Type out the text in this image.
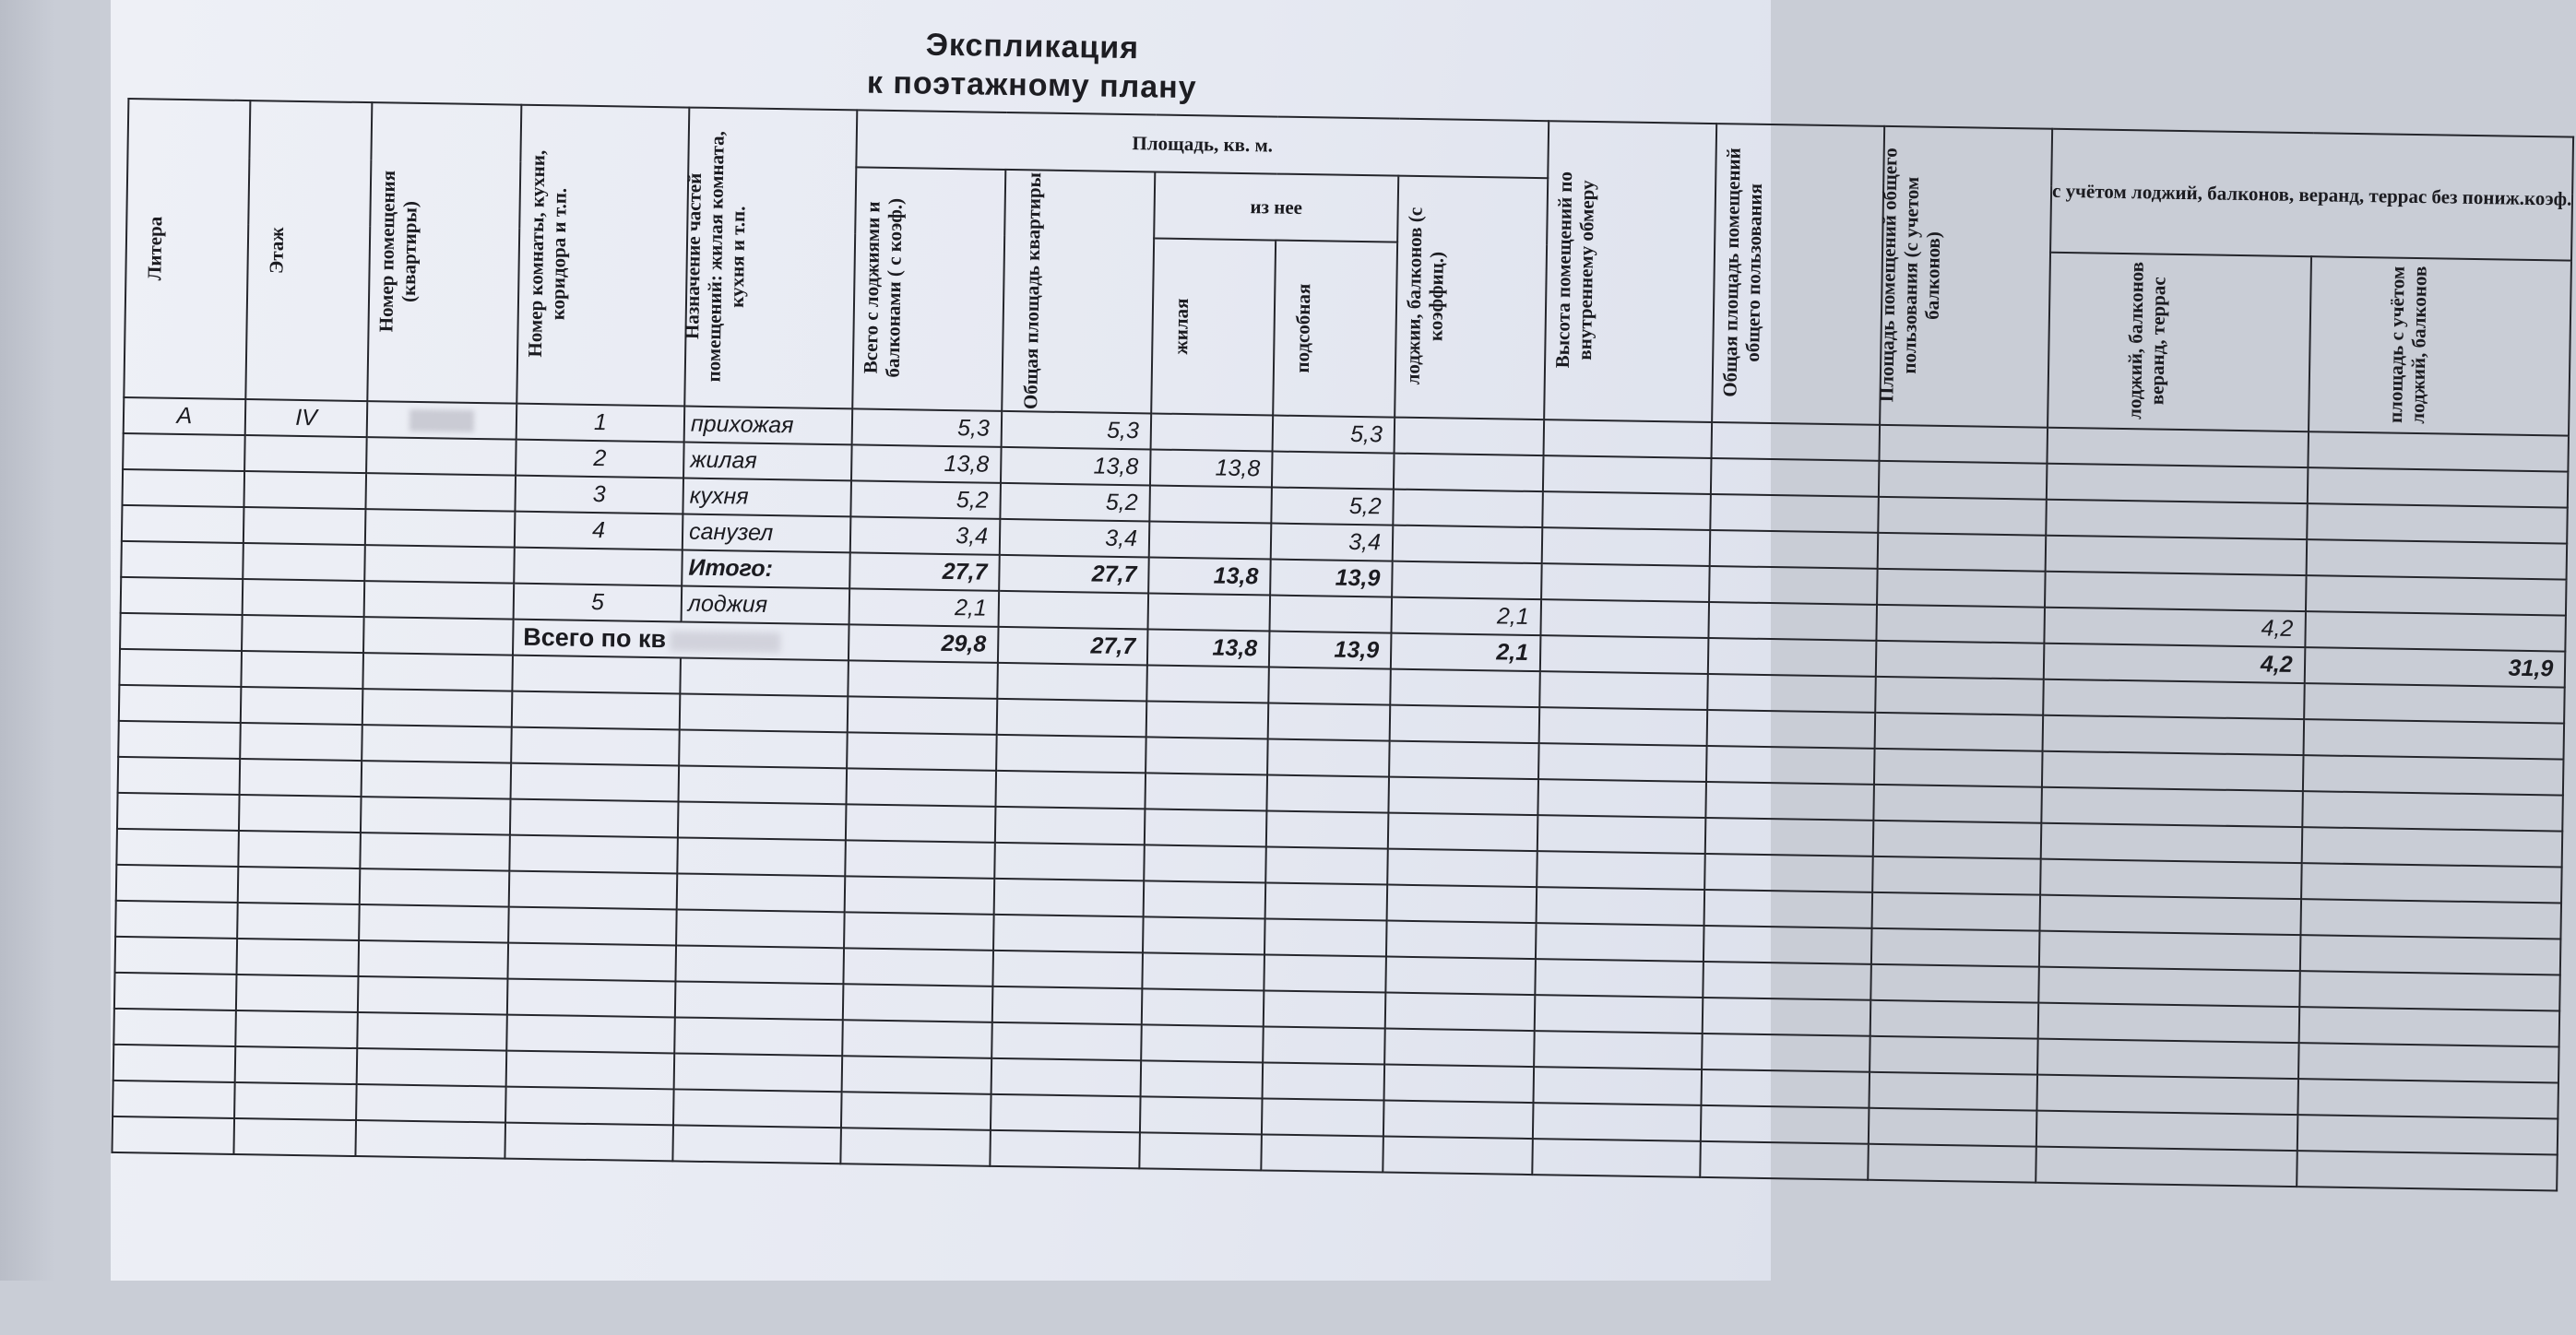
Экспликация
к поэтажному плану
Литера	Этаж	Номер помещения (квартиры)	Номер комнаты, кухни, коридора и т.п.	Назначение частей помещений: жилая комната, кухня и т.п.	Площадь, кв. м.					Высота помещений по внутреннему обмеру	Общая площадь помещений общего пользования	Площадь помещений общего пользования (с учетом балконов)	с учётом лоджий, балконов, веранд, террас без пониж.коэф.	
					Всего с лоджиями и балконами ( с коэф.)	Общая площадь квартиры	из нее		лоджии, балконов (с коэффиц.)					
							жилая	подсобная					лоджий, балконов веранд, террас	площадь с учётом лоджий, балконов
А	IV		1	прихожая	5,3	5,3		5,3						
			2	жилая	13,8	13,8	13,8							
			3	кухня	5,2	5,2		5,2						
			4	санузел	3,4	3,4		3,4						
				Итого:	27,7	27,7	13,8	13,9						
			5	лоджия	2,1				2,1				4,2	
			Всего по кв		29,8	27,7	13,8	13,9	2,1				4,2	31,9
